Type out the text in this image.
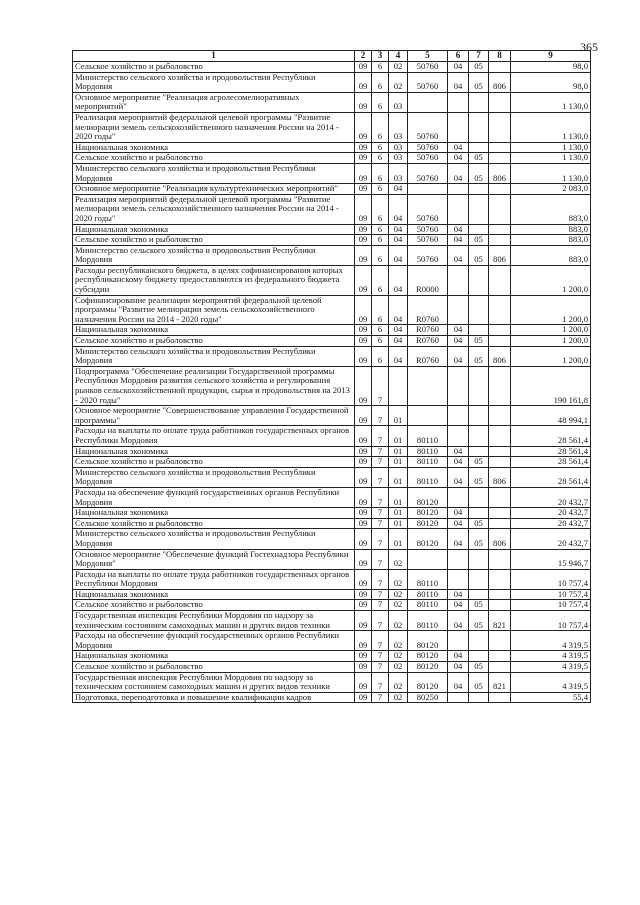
365
1	2	3	4	5	6	7	8	9
Сельское хозяйство и рыболовство	09	6	02	50760	04	05		98,0
Министерство сельского хозяйства и продовольствия Республики Мордовия	09	6	02	50760	04	05	806	98,0
Основное мероприятие "Реализация агролесомелиоративных мероприятий"	09	6	03					1 130,0
Реализация мероприятий федеральной целевой программы "Развитие мелиорации земель сельскохозяйственного назначения России на 2014 - 2020 годы"	09	6	03	50760				1 130,0
Национальная экономика	09	6	03	50760	04			1 130,0
Сельское хозяйство и рыболовство	09	6	03	50760	04	05		1 130,0
Министерство сельского хозяйства и продовольствия Республики Мордовия	09	6	03	50760	04	05	806	1 130,0
Основное мероприятие "Реализация культуртехнических мероприятий"	09	6	04					2 083,0
Реализация мероприятий федеральной целевой программы "Развитие мелиорации земель сельскохозяйственного назначения России на 2014 - 2020 годы"	09	6	04	50760				883,0
Национальная экономика	09	6	04	50760	04			883,0
Сельское хозяйство и рыболовство	09	6	04	50760	04	05		883,0
Министерство сельского хозяйства и продовольствия Республики Мордовия	09	6	04	50760	04	05	806	883,0
Расходы республиканского бюджета, в целях софинансирования которых республиканскому бюджету предоставляются из федерального бюджета субсидии	09	6	04	R0000				1 200,0
Софинансирование реализации мероприятий федеральной целевой программы "Развитие мелиорации земель сельскохозяйственного назначения России на 2014 - 2020 годы"	09	6	04	R0760				1 200,0
Национальная экономика	09	6	04	R0760	04			1 200,0
Сельское хозяйство и рыболовство	09	6	04	R0760	04	05		1 200,0
Министерство сельского хозяйства и продовольствия Республики Мордовия	09	6	04	R0760	04	05	806	1 200,0
Подпрограмма "Обеспечение реализации Государственной программы Республики Мордовия развития сельского хозяйства и регулирования рынков сельскохозяйственной продукции, сырья и продовольствия на 2013 - 2020 годы"	09	7						190 161,8
Основное мероприятие "Совершенствование управления Государственной программы"	09	7	01					48 994,1
Расходы на выплаты по оплате труда работников государственных органов Республики Мордовия	09	7	01	80110				28 561,4
Национальная экономика	09	7	01	80110	04			28 561,4
Сельское хозяйство и рыболовство	09	7	01	80110	04	05		28 561,4
Министерство сельского хозяйства и продовольствия Республики Мордовия	09	7	01	80110	04	05	806	28 561,4
Расходы на обеспечение функций государственных органов Республики Мордовия	09	7	01	80120				20 432,7
Национальная экономика	09	7	01	80120	04			20 432,7
Сельское хозяйство и рыболовство	09	7	01	80120	04	05		20 432,7
Министерство сельского хозяйства и продовольствия Республики Мордовия	09	7	01	80120	04	05	806	20 432,7
Основное мероприятие "Обеспечение функций Гостехнадзора Республики Мордовия"	09	7	02					15 946,7
Расходы на выплаты по оплате труда работников государственных органов Республики Мордовия	09	7	02	80110				10 757,4
Национальная экономика	09	7	02	80110	04			10 757,4
Сельское хозяйство и рыболовство	09	7	02	80110	04	05		10 757,4
Государственная инспекция Республики Мордовия по надзору за техническим состоянием самоходных машин и других видов техники	09	7	02	80110	04	05	821	10 757,4
Расходы на обеспечение функций государственных органов Республики Мордовия	09	7	02	80120				4 319,5
Национальная экономика	09	7	02	80120	04			4 319,5
Сельское хозяйство и рыболовство	09	7	02	80120	04	05		4 319,5
Государственная инспекция Республики Мордовия по надзору за техническим состоянием самоходных машин и других видов техники	09	7	02	80120	04	05	821	4 319,5
Подготовка, переподготовка и повышение квалификации кадров	09	7	02	80250				55,4
